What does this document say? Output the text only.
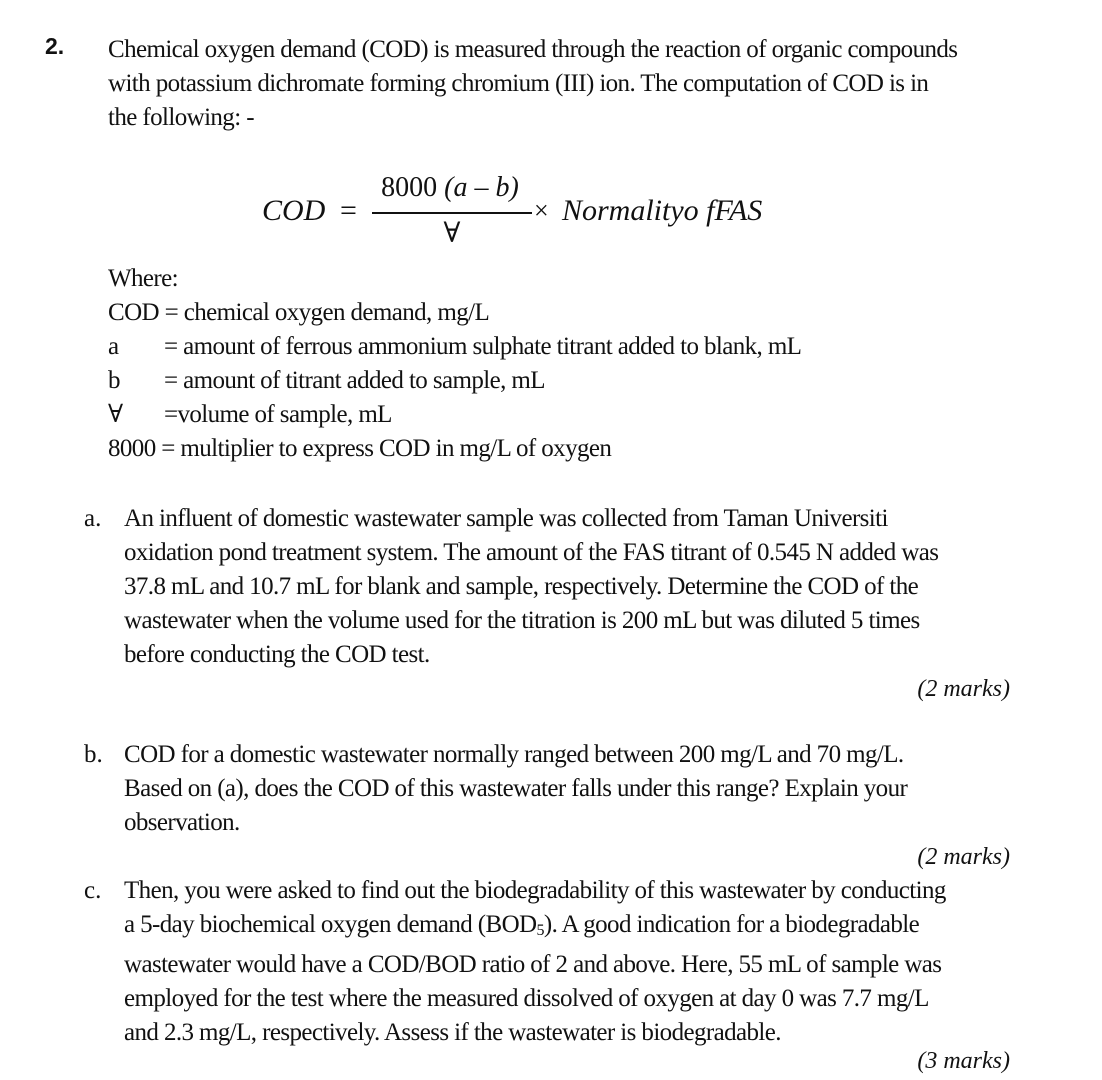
2. Chemical oxygen demand (COD) is measured through the reaction of organic compounds
with potassium dichromate forming chromium (III) ion. The computation of COD is in
the following: -
COD =
8000 (a – b)
∀
× Normalityo fFAS
Where:
COD = chemical oxygen demand, mg/L
a = amount of ferrous ammonium sulphate titrant added to blank, mL
b = amount of titrant added to sample, mL
∀ =volume of sample, mL
8000 = multiplier to express COD in mg/L of oxygen
a. An influent of domestic wastewater sample was collected from Taman Universiti
oxidation pond treatment system. The amount of the FAS titrant of 0.545 N added was
37.8 mL and 10.7 mL for blank and sample, respectively. Determine the COD of the
wastewater when the volume used for the titration is 200 mL but was diluted 5 times
before conducting the COD test.
(2 marks)
b. COD for a domestic wastewater normally ranged between 200 mg/L and 70 mg/L.
Based on (a), does the COD of this wastewater falls under this range? Explain your
observation.
(2 marks)
c. Then, you were asked to find out the biodegradability of this wastewater by conducting
a 5-day biochemical oxygen demand $(BOD_5)$. A good indication for a biodegradable
wastewater would have a COD/BOD ratio of 2 and above. Here, 55 mL of sample was
employed for the test where the measured dissolved of oxygen at day 0 was 7.7 mg/L
and 2.3 mg/L, respectively. Assess if the wastewater is biodegradable.
(3 marks)
